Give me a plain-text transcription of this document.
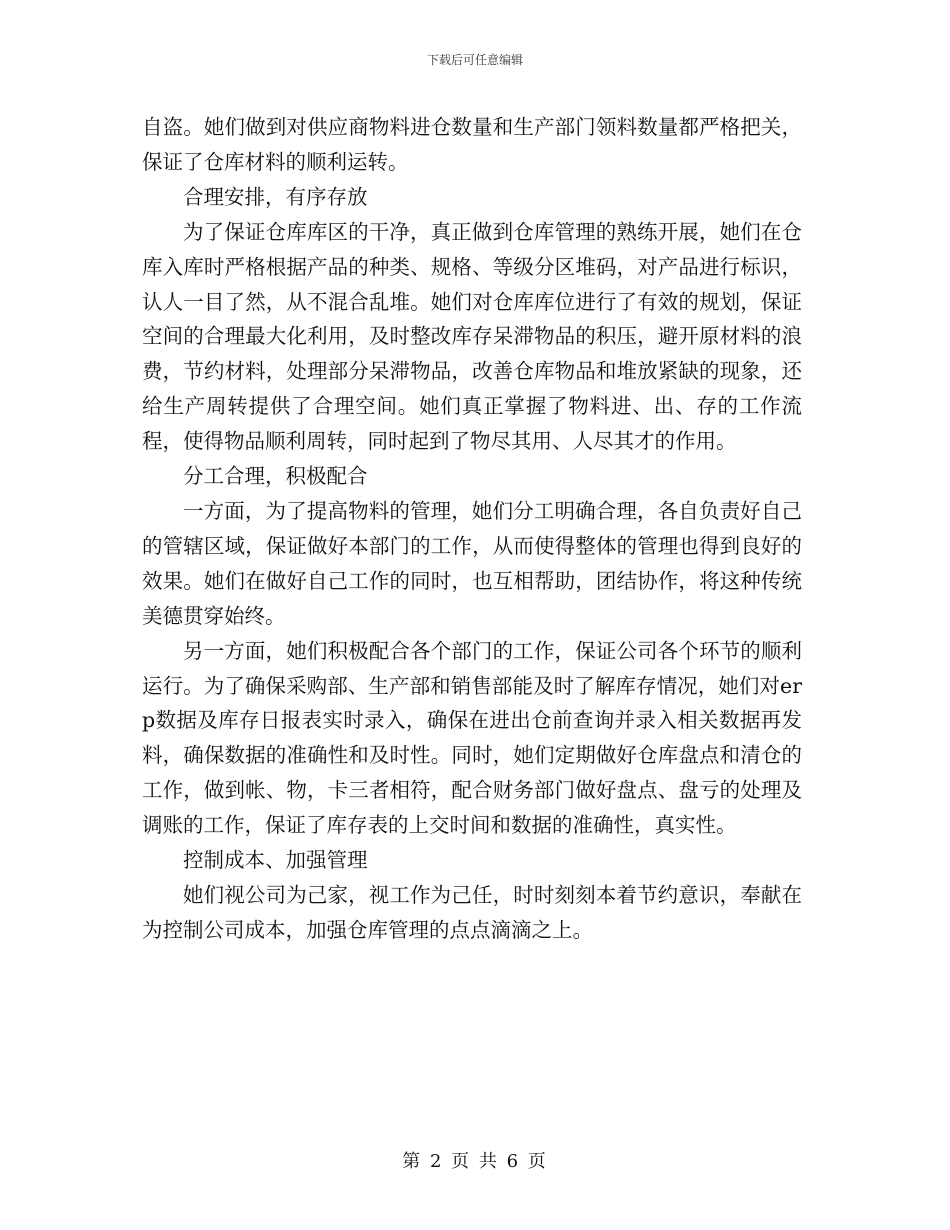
下载后可任意编辑

自盗。她们做到对供应商物料进仓数量和生产部门领料数量都严格把关，保证了仓库材料的顺利运转。

合理安排，有序存放

为了保证仓库库区的干净，真正做到仓库管理的熟练开展，她们在仓库入库时严格根据产品的种类、规格、等级分区堆码，对产品进行标识，认人一目了然，从不混合乱堆。她们对仓库库位进行了有效的规划，保证空间的合理最大化利用，及时整改库存呆滞物品的积压，避开原材料的浪费，节约材料，处理部分呆滞物品，改善仓库物品和堆放紧缺的现象，还给生产周转提供了合理空间。她们真正掌握了物料进、出、存的工作流程，使得物品顺利周转，同时起到了物尽其用、人尽其才的作用。

分工合理，积极配合

一方面，为了提高物料的管理，她们分工明确合理，各自负责好自己的管辖区域，保证做好本部门的工作，从而使得整体的管理也得到良好的效果。她们在做好自己工作的同时，也互相帮助，团结协作，将这种传统美德贯穿始终。

另一方面，她们积极配合各个部门的工作，保证公司各个环节的顺利运行。为了确保采购部、生产部和销售部能及时了解库存情况，她们对erp数据及库存日报表实时录入，确保在进出仓前查询并录入相关数据再发料，确保数据的准确性和及时性。同时，她们定期做好仓库盘点和清仓的工作，做到帐、物，卡三者相符，配合财务部门做好盘点、盘亏的处理及调账的工作，保证了库存表的上交时间和数据的准确性，真实性。

控制成本、加强管理

她们视公司为己家，视工作为己任，时时刻刻本着节约意识，奉献在为控制公司成本，加强仓库管理的点点滴滴之上。

第 2 页 共 6 页
